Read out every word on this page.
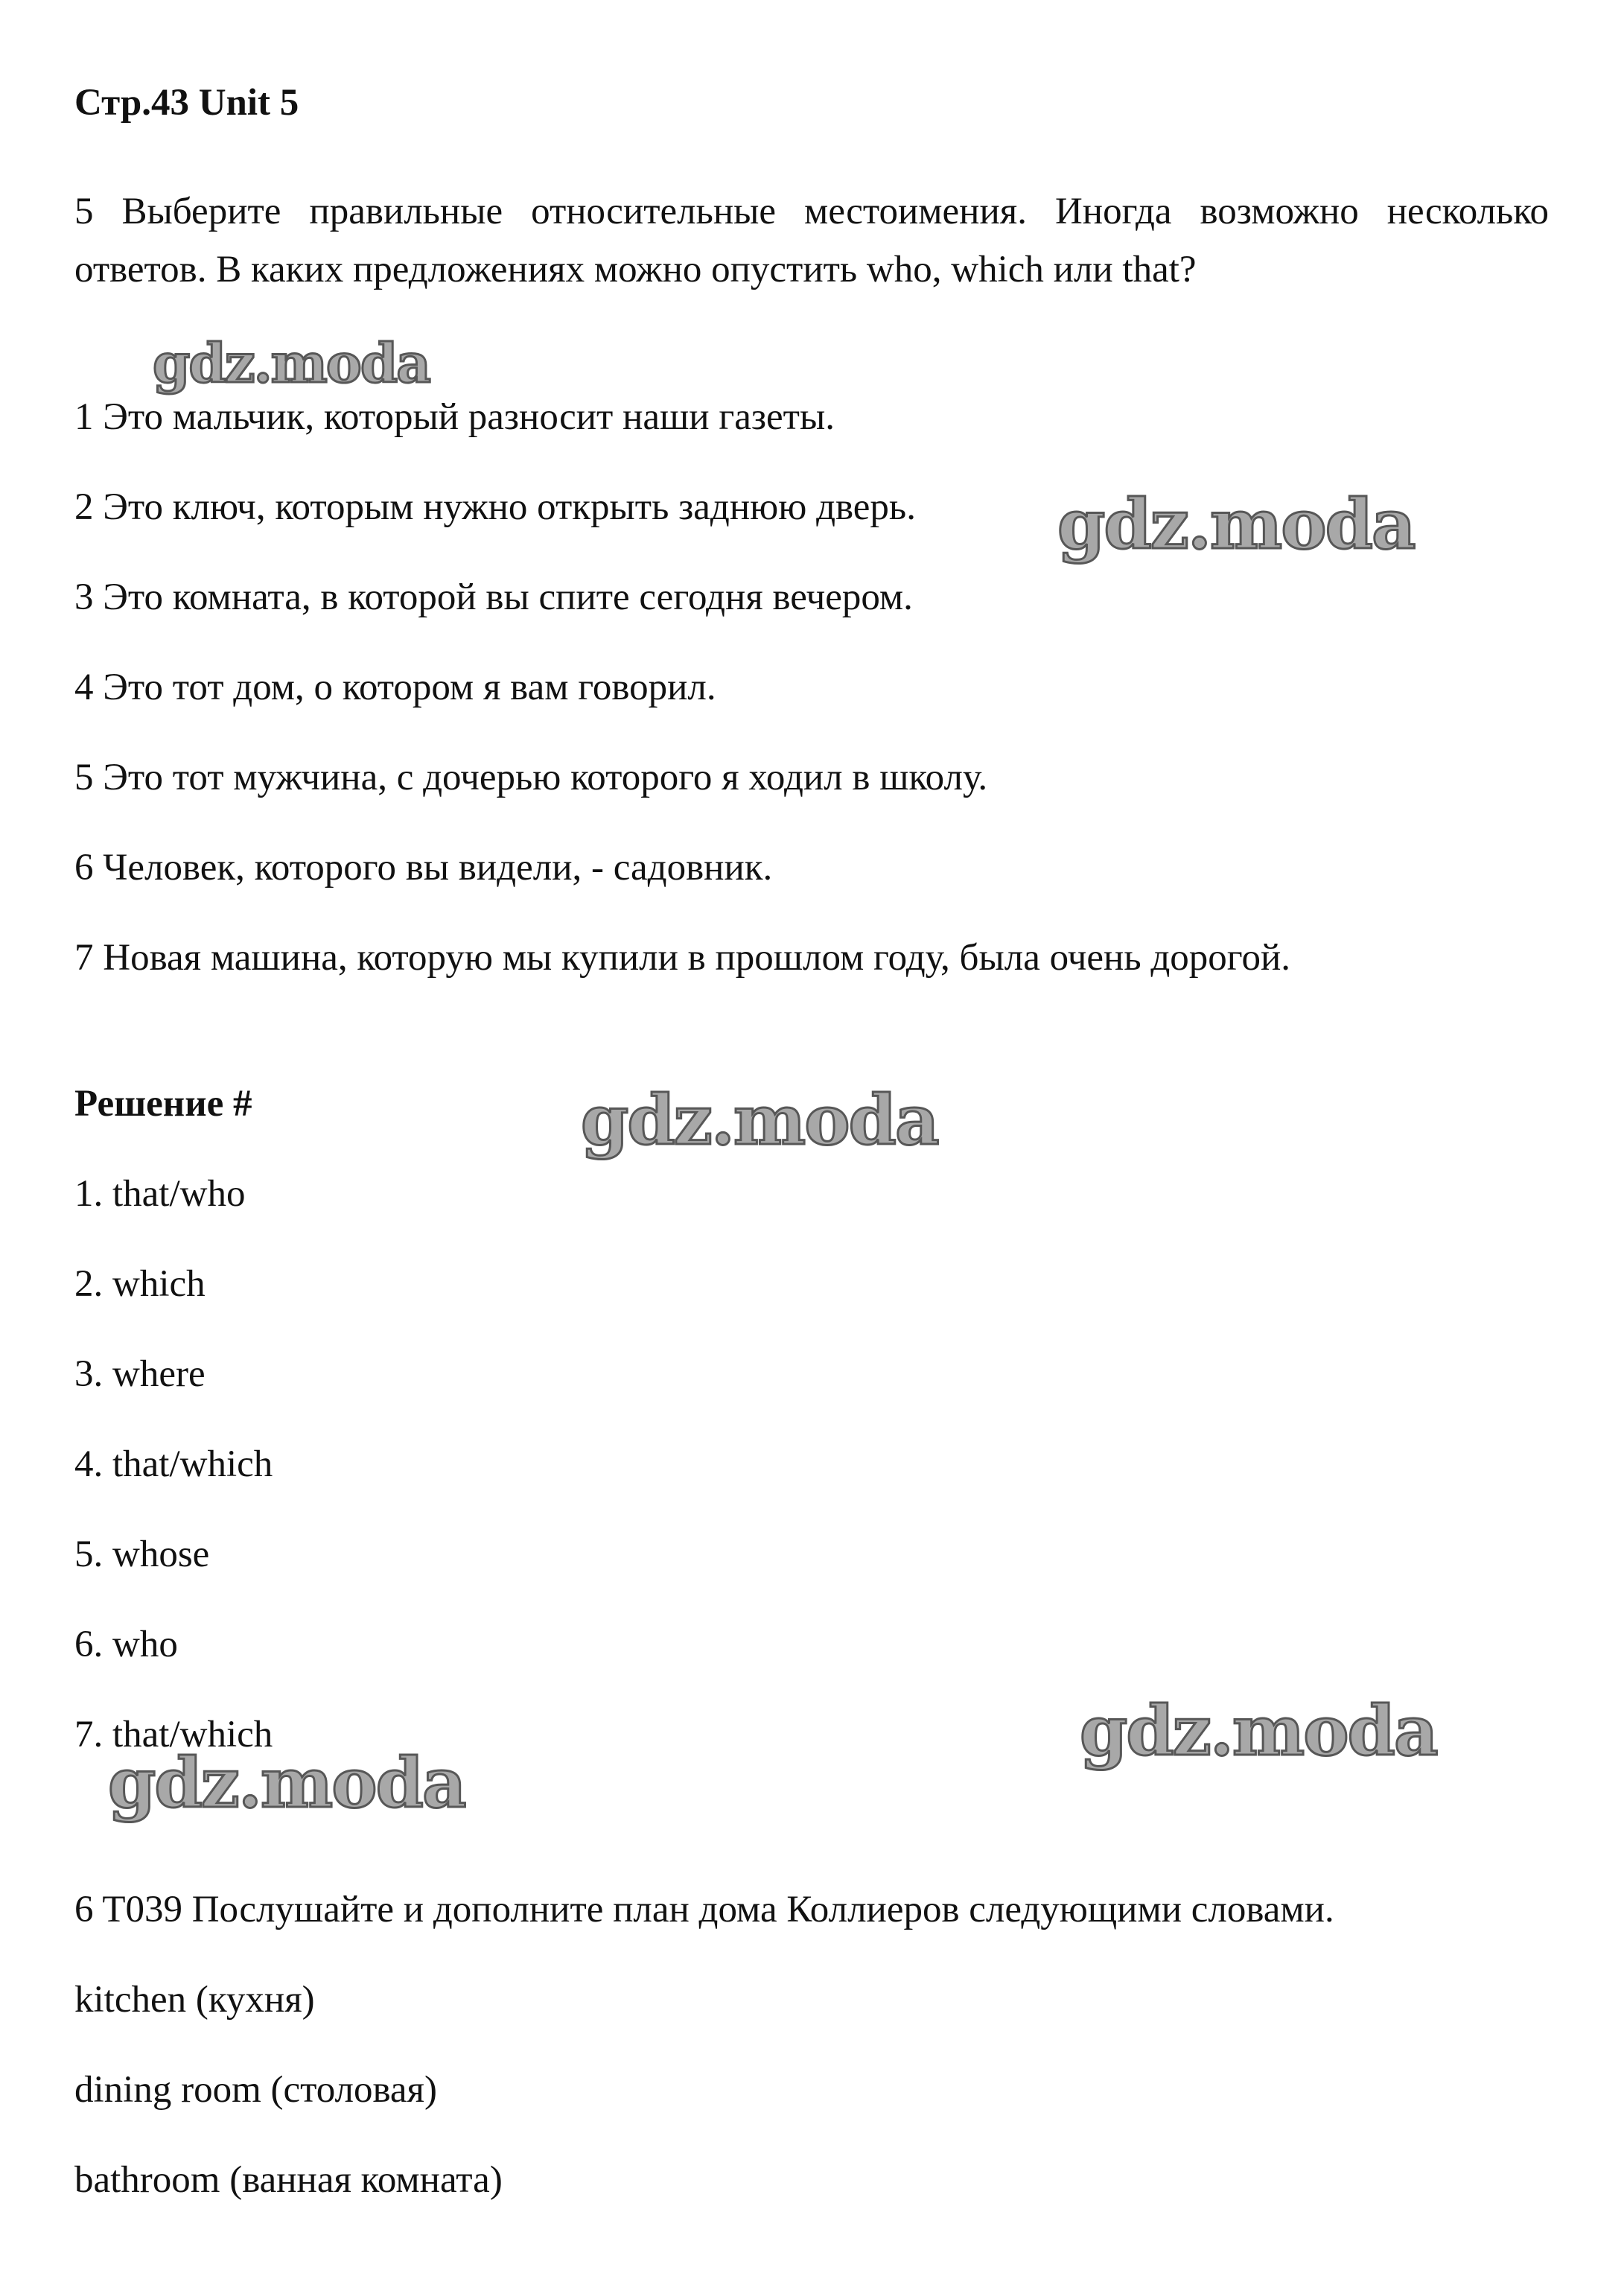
Стр.43 Unit 5
5 Выберите правильные относительные местоимения. Иногда возможно несколько ответов. В каких предложениях можно опустить who, which или that?
1 Это мальчик, который разносит наши газеты.
2 Это ключ, которым нужно открыть заднюю дверь.
3 Это комната, в которой вы спите сегодня вечером.
4 Это тот дом, о котором я вам говорил.
5 Это тот мужчина, с дочерью которого я ходил в школу.
6 Человек, которого вы видели, - садовник.
7 Новая машина, которую мы купили в прошлом году, была очень дорогой.
Решение #
1. that/who
2. which
3. where
4. that/which
5. whose
6. who
7. that/which
6 T039 Послушайте и дополните план дома Коллиеров следующими словами.
kitchen (кухня)
dining room (столовая)
bathroom (ванная комната)
gdz.moda
gdz.moda
gdz.moda
gdz.moda
gdz.moda
